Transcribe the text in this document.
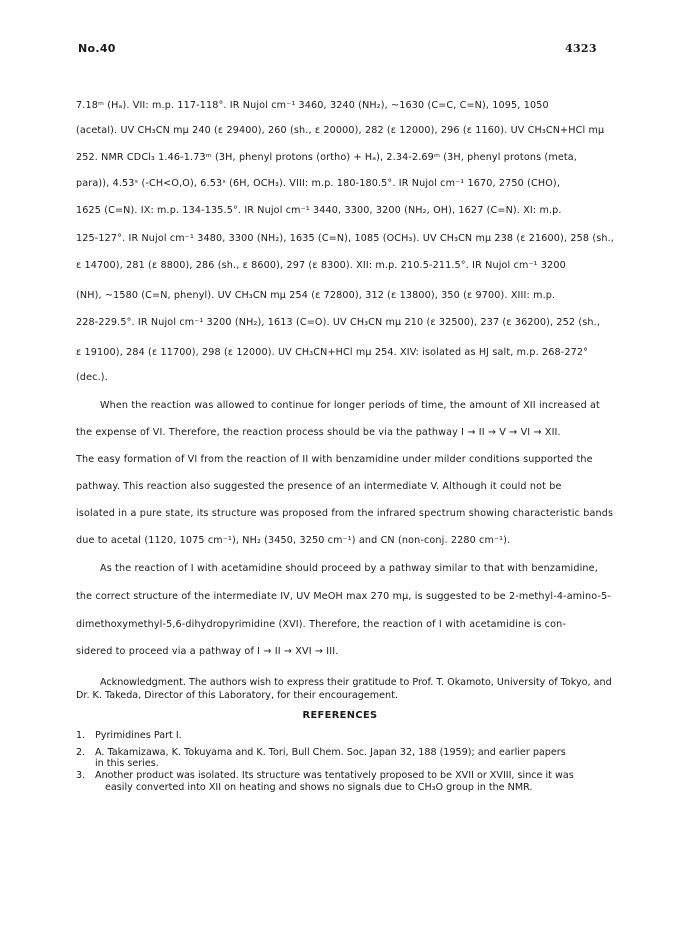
No.40	4323
7.18ᵐ (Hₐ). VII: m.p. 117-118°. IR Nujol cm⁻¹ 3460, 3240 (NH₂), ~1630 (C=C, C=N), 1095, 1050
(acetal). UV CH₃CN mμ 240 (ε 29400), 260 (sh., ε 20000), 282 (ε 12000), 296 (ε 1160). UV CH₃CN+HCl mμ
252. NMR CDCl₃ 1.46-1.73ᵐ (3H, phenyl protons (ortho) + Hₐ), 2.34-2.69ᵐ (3H, phenyl protons (meta,
para)), 4.53ˢ (-CH<O,O), 6.53ˢ (6H, OCH₃). VIII: m.p. 180-180.5°. IR Nujol cm⁻¹ 1670, 2750 (CHO),
1625 (C=N). IX: m.p. 134-135.5°. IR Nujol cm⁻¹ 3440, 3300, 3200 (NH₂, OH), 1627 (C=N). XI: m.p.
125-127°. IR Nujol cm⁻¹ 3480, 3300 (NH₂), 1635 (C=N), 1085 (OCH₃). UV CH₃CN mμ 238 (ε 21600), 258 (sh.,
ε 14700), 281 (ε 8800), 286 (sh., ε 8600), 297 (ε 8300). XII: m.p. 210.5-211.5°. IR Nujol cm⁻¹ 3200
(NH), ~1580 (C=N, phenyl). UV CH₃CN mμ 254 (ε 72800), 312 (ε 13800), 350 (ε 9700). XIII: m.p.
228-229.5°. IR Nujol cm⁻¹ 3200 (NH₂), 1613 (C=O). UV CH₃CN mμ 210 (ε 32500), 237 (ε 36200), 252 (sh.,
ε 19100), 284 (ε 11700), 298 (ε 12000). UV CH₃CN+HCl mμ 254. XIV: isolated as HJ salt, m.p. 268-272°
(dec.).
When the reaction was allowed to continue for longer periods of time, the amount of XII increased at
the expense of VI. Therefore, the reaction process should be via the pathway I → II → V → VI → XII.
The easy formation of VI from the reaction of II with benzamidine under milder conditions supported the
pathway. This reaction also suggested the presence of an intermediate V. Although it could not be
isolated in a pure state, its structure was proposed from the infrared spectrum showing characteristic bands
due to acetal (1120, 1075 cm⁻¹), NH₂ (3450, 3250 cm⁻¹) and CN (non-conj. 2280 cm⁻¹).
As the reaction of I with acetamidine should proceed by a pathway similar to that with benzamidine,
the correct structure of the intermediate IV, UV MeOH max 270 mμ, is suggested to be 2-methyl-4-amino-5-
dimethoxymethyl-5,6-dihydropyrimidine (XVI). Therefore, the reaction of I with acetamidine is con-
sidered to proceed via a pathway of I → II → XVI → III.
Acknowledgment. The authors wish to express their gratitude to Prof. T. Okamoto, University of Tokyo, and Dr. K. Takeda, Director of this Laboratory, for their encouragement.
REFERENCES
1. Pyrimidines Part I.
2. A. Takamizawa, K. Tokuyama and K. Tori, Bull Chem. Soc. Japan 32, 188 (1959); and earlier papers
in this series.
3. Another product was isolated. Its structure was tentatively proposed to be XVII or XVIII, since it was
easily converted into XII on heating and shows no signals due to CH₃O group in the NMR.
